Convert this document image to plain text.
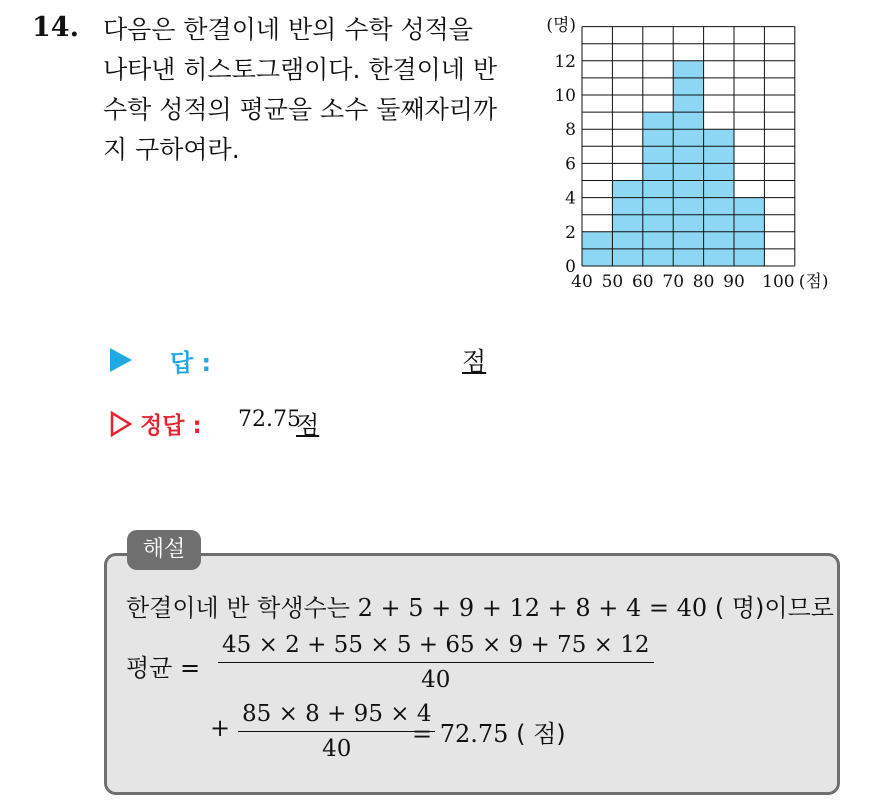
14. 다음은 한결이네 반의 수학 성적을
나타낸 히스토그램이다. 한결이네 반
수학 성적의 평균을 소수 둘째자리까
지 구하여라.
0
2
4
6
8
10
12
40 50 60 70 80 90 100
(명)
(점)
답 :	점
정답 : 72.75
점
해설
한결이네 반 학생수는 2 + 5 + 9 + 12 + 8 + 4 = 40 ( 명)이므로
평균 = $\frac{45 \times 2 + 55 \times 5 + 65 \times 9 + 75 \times 12}{40}$
+ $\frac{85 \times 8 + 95 \times 4}{40}$
= 72.75 ( 점)
